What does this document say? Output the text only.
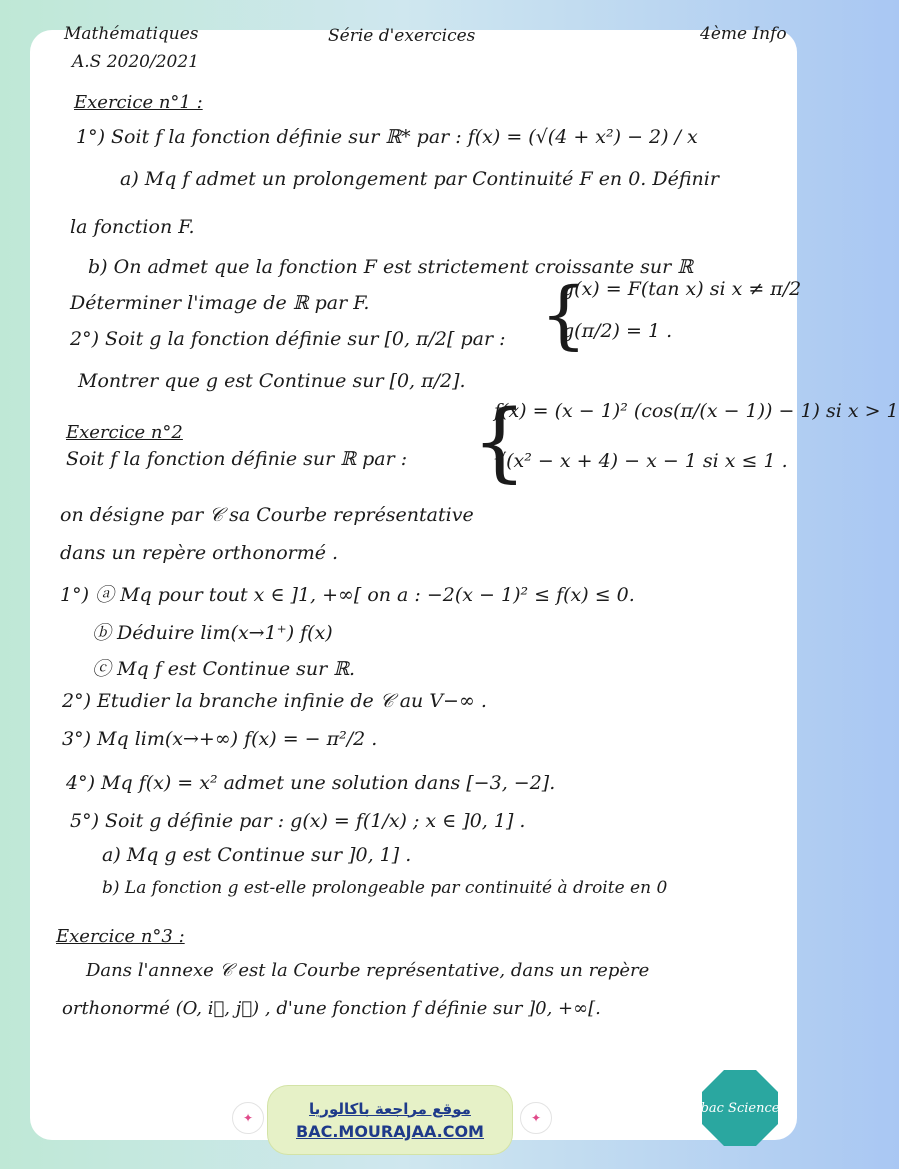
Mathématiques
A.S 2020/2021
Série d'exercices	4ème Info
Exercice n°1 :
1°) Soit f la fonction définie sur ℝ* par : f(x) = (√(4 + x²) − 2) / x
a) Mq f admet un prolongement par Continuité F en 0. Définir
la fonction F.
b) On admet que la fonction F est strictement croissante sur ℝ
Déterminer l'image de ℝ par F.
2°) Soit g la fonction définie sur [0, π/2[ par : {
g(x) = F(tan x) si x ≠ π/2
g(π/2) = 1 .
Montrer que g est Continue sur [0, π/2].
Exercice n°2
Soit f la fonction définie sur ℝ par : {
f(x) = (x − 1)² (cos(π/(x − 1)) − 1) si x > 1
√(x² − x + 4) − x − 1 si x ≤ 1 .
on désigne par 𝒞 sa Courbe représentative
dans un repère orthonormé .
1°) ⓐ Mq pour tout x ∈ ]1, +∞[ on a : −2(x − 1)² ≤ f(x) ≤ 0.
ⓑ Déduire lim(x→1⁺) f(x)
ⓒ Mq f est Continue sur ℝ.
2°) Etudier la branche infinie de 𝒞 au V−∞ .
3°) Mq lim(x→+∞) f(x) = − π²/2 .
4°) Mq f(x) = x² admet une solution dans [−3, −2].
5°) Soit g définie par : g(x) = f(1/x) ; x ∈ ]0, 1] .
a) Mq g est Continue sur ]0, 1] .
b) La fonction g est-elle prolongeable par continuité à droite en 0
Exercice n°3 :
Dans l'annexe 𝒞 est la Courbe représentative, dans un repère
orthonormé (O, i⃗, j⃗) , d'une fonction f définie sur ]0, +∞[.
✦
موقع مراجعة باكالوريا
BAC.MOURAJAA.COM
✦
bac Science
